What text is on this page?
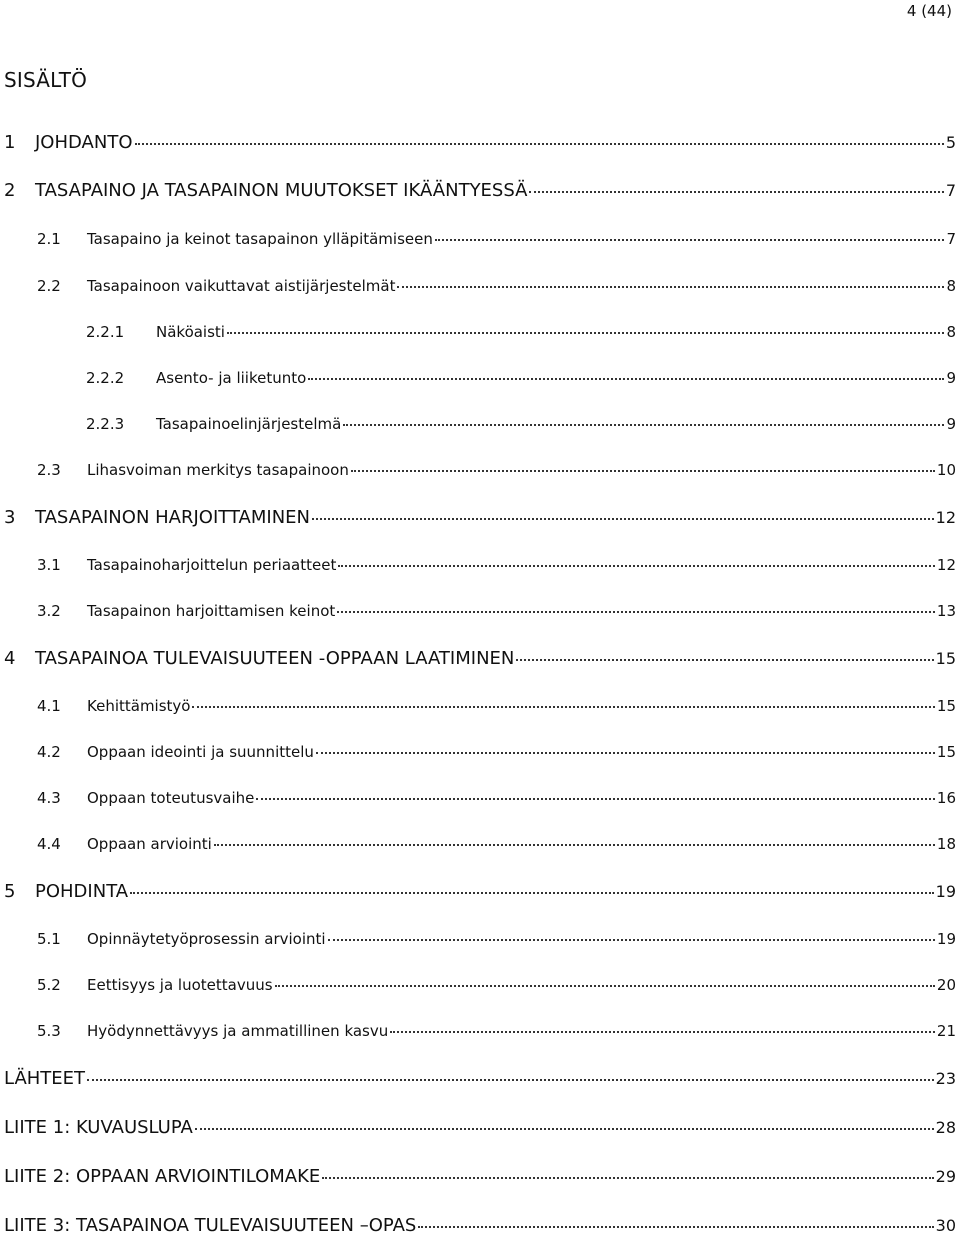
4 (44)
SISÄLTÖ
1	JOHDANTO	5
2	TASAPAINO JA TASAPAINON MUUTOKSET IKÄÄNTYESSÄ	7
2.1	Tasapaino ja keinot tasapainon ylläpitämiseen	7
2.2	Tasapainoon vaikuttavat aistijärjestelmät	8
2.2.1	Näköaisti	8
2.2.2	Asento- ja liiketunto	9
2.2.3	Tasapainoelinjärjestelmä	9
2.3	Lihasvoiman merkitys tasapainoon	10
3	TASAPAINON HARJOITTAMINEN	12
3.1	Tasapainoharjoittelun periaatteet	12
3.2	Tasapainon harjoittamisen keinot	13
4	TASAPAINOA TULEVAISUUTEEN -OPPAAN LAATIMINEN	15
4.1	Kehittämistyö	15
4.2	Oppaan ideointi ja suunnittelu	15
4.3	Oppaan toteutusvaihe	16
4.4	Oppaan arviointi	18
5	POHDINTA	19
5.1	Opinnäytetyöprosessin arviointi	19
5.2	Eettisyys ja luotettavuus	20
5.3	Hyödynnettävyys ja ammatillinen kasvu	21
LÄHTEET	23
LIITE 1: KUVAUSLUPA	28
LIITE 2: OPPAAN ARVIOINTILOMAKE	29
LIITE 3: TASAPAINOA TULEVAISUUTEEN –OPAS	30
